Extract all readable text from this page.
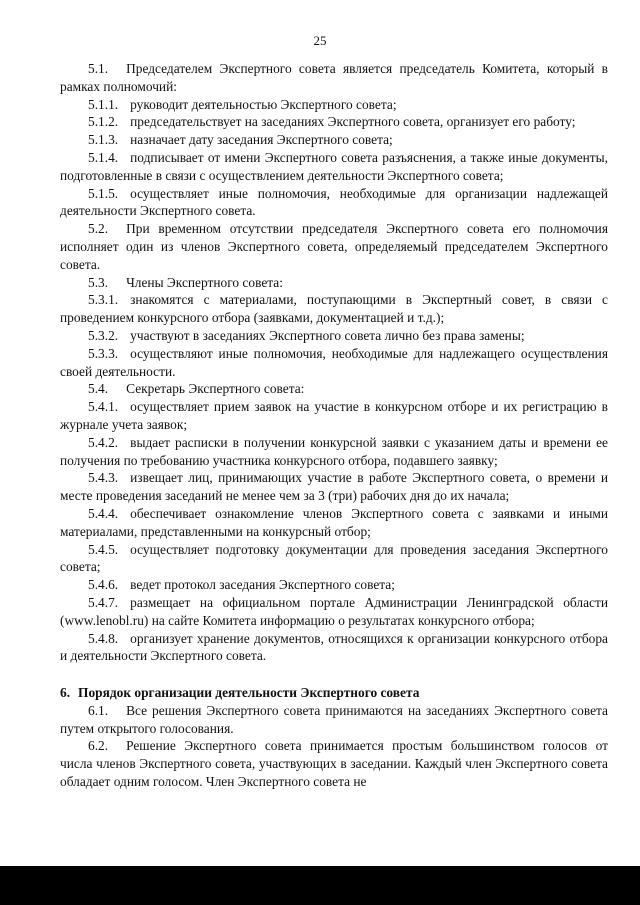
25

5.1. Председателем Экспертного совета является председатель Комитета, который в рамках полномочий:

5.1.1. руководит деятельностью Экспертного совета;

5.1.2. председательствует на заседаниях Экспертного совета, организует его работу;

5.1.3. назначает дату заседания Экспертного совета;

5.1.4. подписывает от имени Экспертного совета разъяснения, а также иные документы, подготовленные в связи с осуществлением деятельности Экспертного совета;

5.1.5. осуществляет иные полномочия, необходимые для организации надлежащей деятельности Экспертного совета.

5.2. При временном отсутствии председателя Экспертного совета его полномочия исполняет один из членов Экспертного совета, определяемый председателем Экспертного совета.

5.3. Члены Экспертного совета:

5.3.1. знакомятся с материалами, поступающими в Экспертный совет, в связи с проведением конкурсного отбора (заявками, документацией и т.д.);

5.3.2. участвуют в заседаниях Экспертного совета лично без права замены;

5.3.3. осуществляют иные полномочия, необходимые для надлежащего осуществления своей деятельности.

5.4. Секретарь Экспертного совета:

5.4.1. осуществляет прием заявок на участие в конкурсном отборе и их регистрацию в журнале учета заявок;

5.4.2. выдает расписки в получении конкурсной заявки с указанием даты и времени ее получения по требованию участника конкурсного отбора, подавшего заявку;

5.4.3. извещает лиц, принимающих участие в работе Экспертного совета, о времени и месте проведения заседаний не менее чем за 3 (три) рабочих дня до их начала;

5.4.4. обеспечивает ознакомление членов Экспертного совета с заявками и иными материалами, представленными на конкурсный отбор;

5.4.5. осуществляет подготовку документации для проведения заседания Экспертного совета;

5.4.6. ведет протокол заседания Экспертного совета;

5.4.7. размещает на официальном портале Администрации Ленинградской области (www.lenobl.ru) на сайте Комитета информацию о результатах конкурсного отбора;

5.4.8. организует хранение документов, относящихся к организации конкурсного отбора и деятельности Экспертного совета.

6. Порядок организации деятельности Экспертного совета

6.1. Все решения Экспертного совета принимаются на заседаниях Экспертного совета путем открытого голосования.

6.2. Решение Экспертного совета принимается простым большинством голосов от числа членов Экспертного совета, участвующих в заседании. Каждый член Экспертного совета обладает одним голосом. Член Экспертного совета не
